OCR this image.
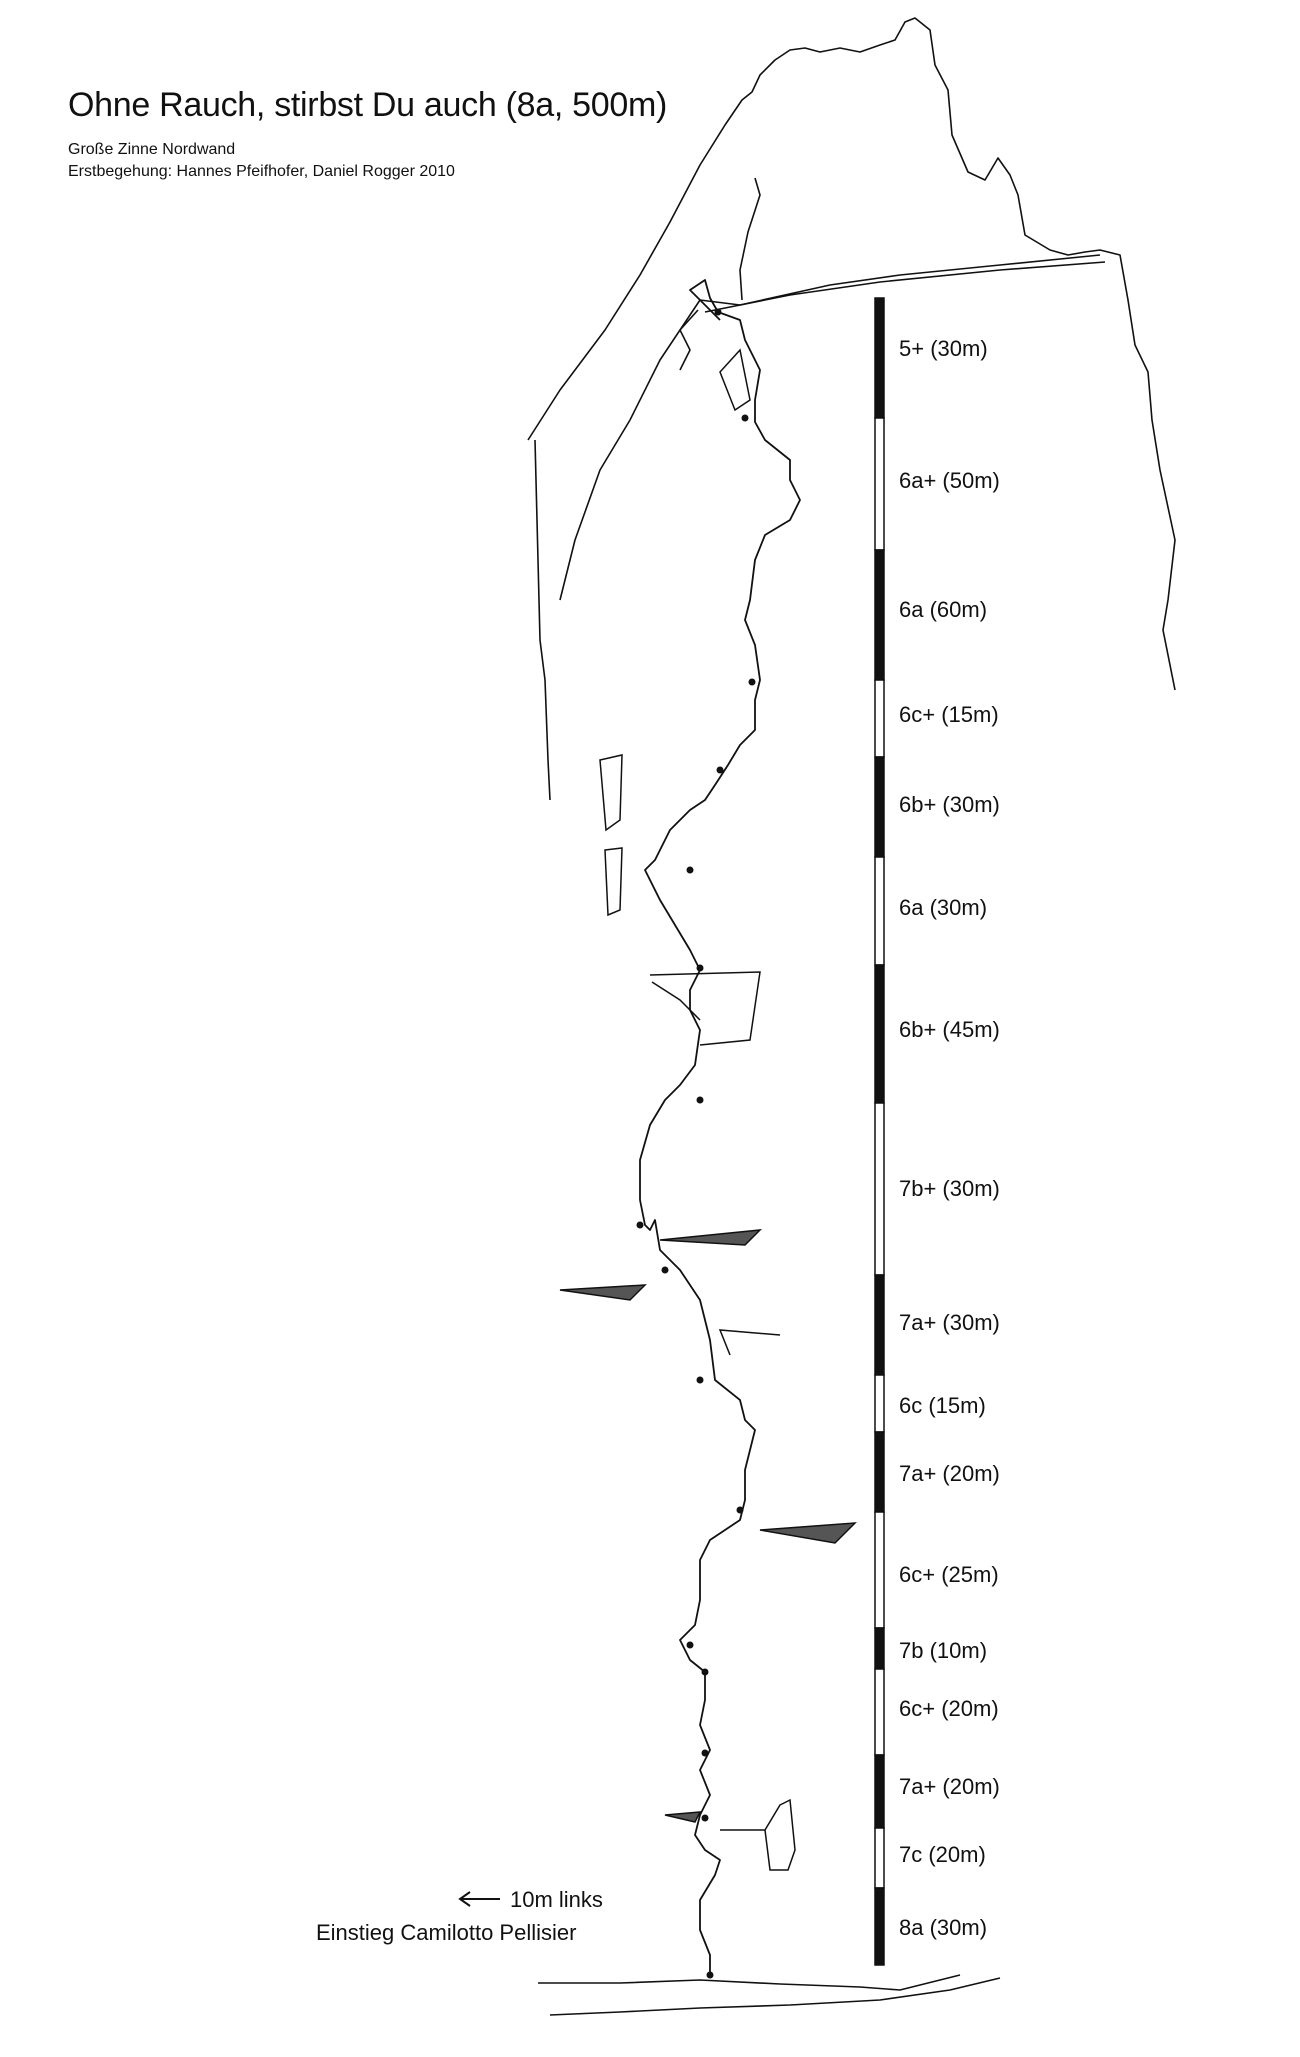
Ohne Rauch, stirbst Du auch (8a, 500m)
Große Zinne Nordwand
Erstbegehung: Hannes Pfeifhofer, Daniel Rogger 2010
5+ (30m)
6a+ (50m)
6a (60m)
6c+ (15m)
6b+ (30m)
6a (30m)
6b+ (45m)
7b+ (30m)
7a+ (30m)
6c (15m)
7a+ (20m)
6c+ (25m)
7b (10m)
6c+ (20m)
7a+ (20m)
7c (20m)
8a (30m)
10m links
Einstieg Camilotto Pellisier
